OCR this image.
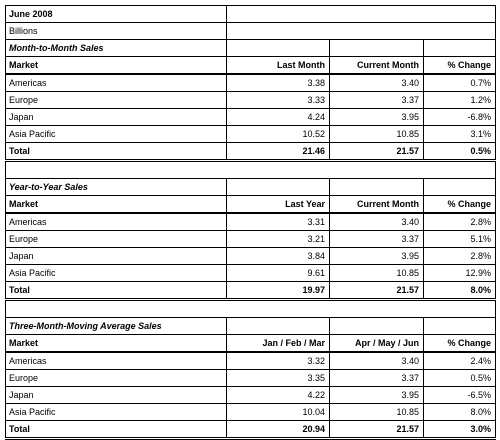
June 2008			
Billions			
Month-to-Month Sales			
Market	Last Month	Current Month	% Change
Americas	3.38	3.40	0.7%
Europe	3.33	3.37	1.2%
Japan	4.24	3.95	-6.8%
Asia Pacific	10.52	10.85	3.1%
Total	21.46	21.57	0.5%

Year-to-Year Sales			
Market	Last Year	Current Month	% Change
Americas	3.31	3.40	2.8%
Europe	3.21	3.37	5.1%
Japan	3.84	3.95	2.8%
Asia Pacific	9.61	10.85	12.9%
Total	19.97	21.57	8.0%

Three-Month-Moving Average Sales			
Market	Jan / Feb / Mar	Apr / May / Jun	% Change
Americas	3.32	3.40	2.4%
Europe	3.35	3.37	0.5%
Japan	4.22	3.95	-6.5%
Asia Pacific	10.04	10.85	8.0%
Total	20.94	21.57	3.0%
